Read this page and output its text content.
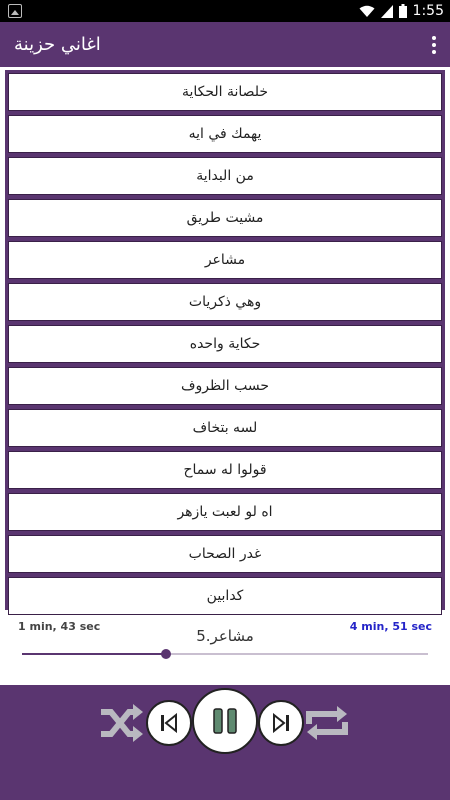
1:55
اغاني حزينة
خلصانة الحكاية
يهمك في ايه
من البداية
مشيت طريق
مشاعر
وهي ذكريات
حكاية واحده
حسب الظروف
لسه بتخاف
قولوا له سماح
اه لو لعبت يازهر
غدر الصحاب
كدابين
1 min, 43 sec	4 min, 51 sec
5.مشاعر
